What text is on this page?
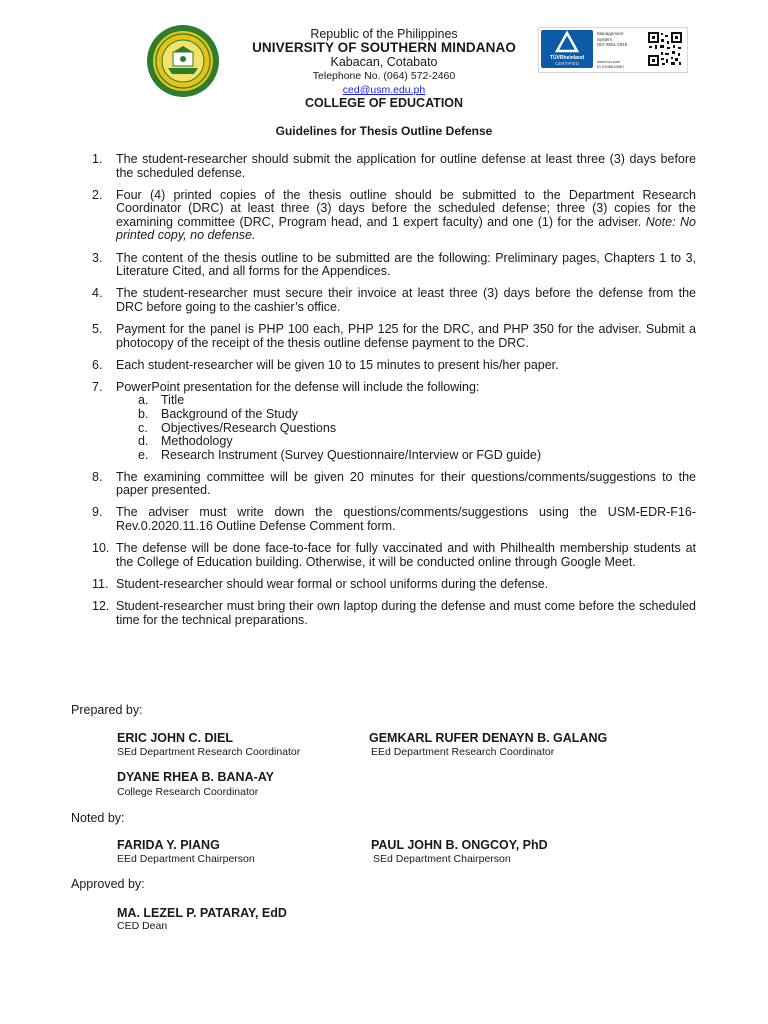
Republic of the Philippines
UNIVERSITY OF SOUTHERN MINDANAO
Kabacan, Cotabato
Telephone No. (064) 572-2460
ced@usm.edu.ph
COLLEGE OF EDUCATION
TÜVRheinland
CERTIFIED
Management
System
ISO 9001:2015
www.tuv.com
ID 9108634567
Guidelines for Thesis Outline Defense
1. The student-researcher should submit the application for outline defense at least three (3) days before the scheduled defense.
2. Four (4) printed copies of the thesis outline should be submitted to the Department Research Coordinator (DRC) at least three (3) days before the scheduled defense; three (3) copies for the examining committee (DRC, Program head, and 1 expert faculty) and one (1) for the adviser. Note: No printed copy, no defense.
3. The content of the thesis outline to be submitted are the following: Preliminary pages, Chapters 1 to 3, Literature Cited, and all forms for the Appendices.
4. The student-researcher must secure their invoice at least three (3) days before the defense from the DRC before going to the cashier’s office.
5. Payment for the panel is PHP 100 each, PHP 125 for the DRC, and PHP 350 for the adviser. Submit a photocopy of the receipt of the thesis outline defense payment to the DRC.
6. Each student-researcher will be given 10 to 15 minutes to present his/her paper.
7. PowerPoint presentation for the defense will include the following:
a. Title
b. Background of the Study
c. Objectives/Research Questions
d. Methodology
e. Research Instrument (Survey Questionnaire/Interview or FGD guide)
8. The examining committee will be given 20 minutes for their questions/comments/suggestions to the paper presented.
9. The adviser must write down the questions/comments/suggestions using the USM-EDR-F16-Rev.0.2020.11.16 Outline Defense Comment form.
10. The defense will be done face-to-face for fully vaccinated and with Philhealth membership students at the College of Education building. Otherwise, it will be conducted online through Google Meet.
11. Student-researcher should wear formal or school uniforms during the defense.
12. Student-researcher must bring their own laptop during the defense and must come before the scheduled time for the technical preparations.
Prepared by:
ERIC JOHN C. DIEL
SEd Department Research Coordinator
GEMKARL RUFER DENAYN B. GALANG
EEd Department Research Coordinator
DYANE RHEA B. BANA-AY
College Research Coordinator
Noted by:
FARIDA Y. PIANG
EEd Department Chairperson
PAUL JOHN B. ONGCOY, PhD
SEd Department Chairperson
Approved by:
MA. LEZEL P. PATARAY, EdD
CED Dean
